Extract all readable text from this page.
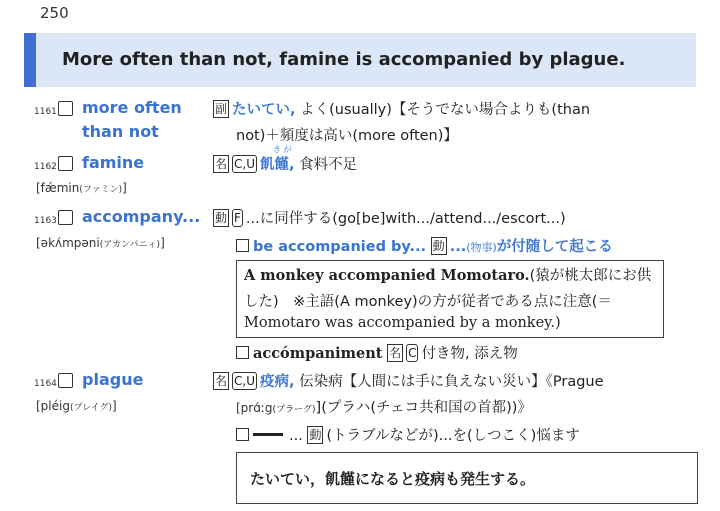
250
More often than not, famine is accompanied by plague.
1161	more often
than not
副 たいてい, よく(usually)【そうでない場合よりも(than
not)＋頻度は高い(more often)】
1162	famine
[fǽmin(ファミン)]
き が
名 C,U 飢饉, 食料不足
1163	accompany...
[əkʌ́mpəni(アカンパニィ)]
動 F ...に同伴する(go[be]with.../attend.../escort...)
be accompanied by... 動 ...(物事)が付随して起こる
A monkey accompanied Momotaro.(猿が桃太郎にお供
した)　※主語(A monkey)の方が従者である点に注意(＝
Momotaro was accompanied by a monkey.)
accómpaniment 名 C 付き物, 添え物
1164	plague
[pléig(プレイグ)]
名 C,U 疫病, 伝染病【人間には手に負えない災い】《Prague
[prɑ́ːg(プラーグ)](プラハ(チェコ共和国の首都))》
... 動 (トラブルなどが)...を(しつこく)悩ます
たいてい，飢饉になると疫病も発生する。
